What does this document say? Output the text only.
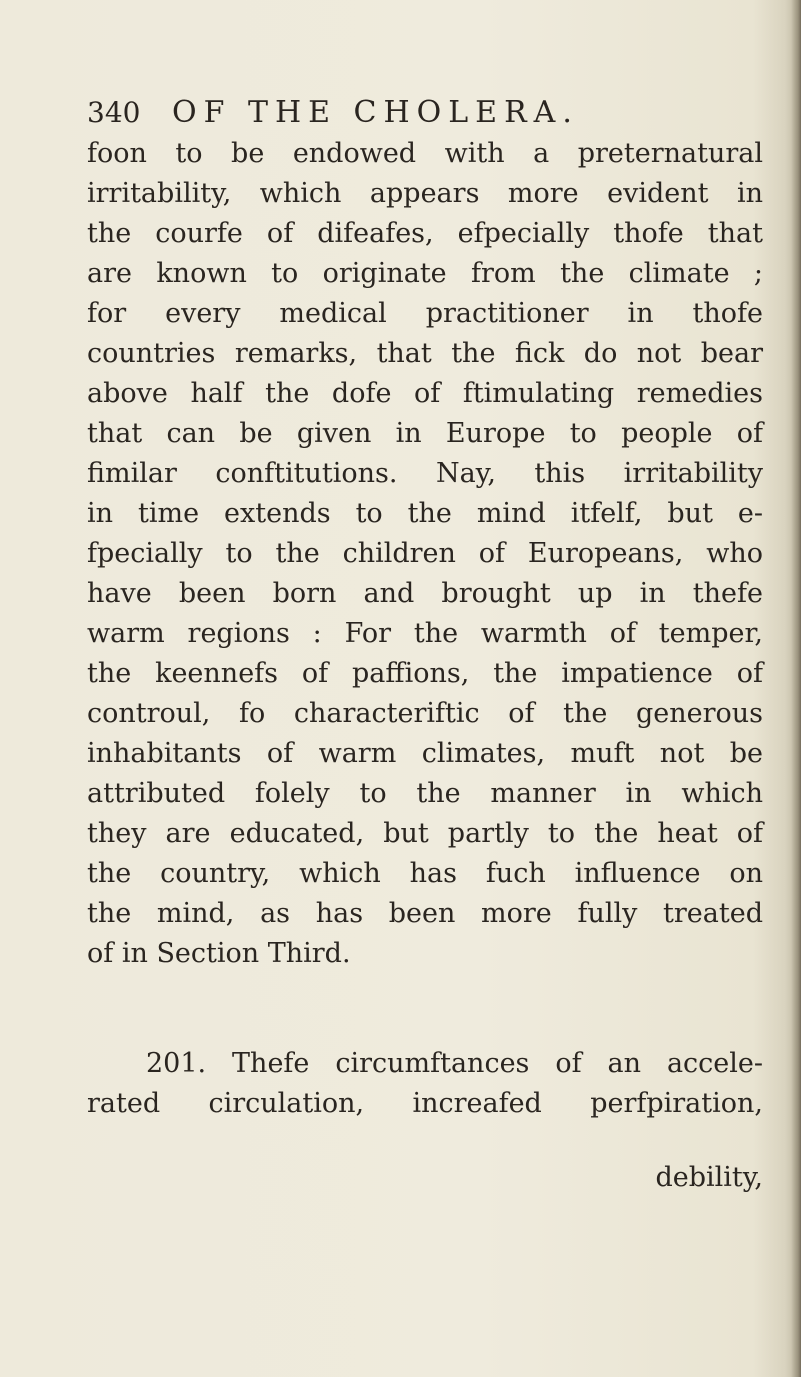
340 OF THE CHOLERA.
foon to be endowed with a preternatural
irritability, which appears more evident in
the courfe of difeafes, efpecially thofe that
are known to originate from the climate ;
for every medical practitioner in thofe
countries remarks, that the fick do not bear
above half the dofe of ftimulating remedies
that can be given in Europe to people of
fimilar conftitutions. Nay, this irritability
in time extends to the mind itfelf, but e-
fpecially to the children of Europeans, who
have been born and brought up in thefe
warm regions : For the warmth of temper,
the keennefs of paffions, the impatience of
controul, fo characteriftic of the generous
inhabitants of warm climates, muft not be
attributed folely to the manner in which
they are educated, but partly to the heat of
the country, which has fuch influence on
the mind, as has been more fully treated
of in Section Third.
201. Thefe circumftances of an accele-
rated circulation, increafed perfpiration,
debility,
